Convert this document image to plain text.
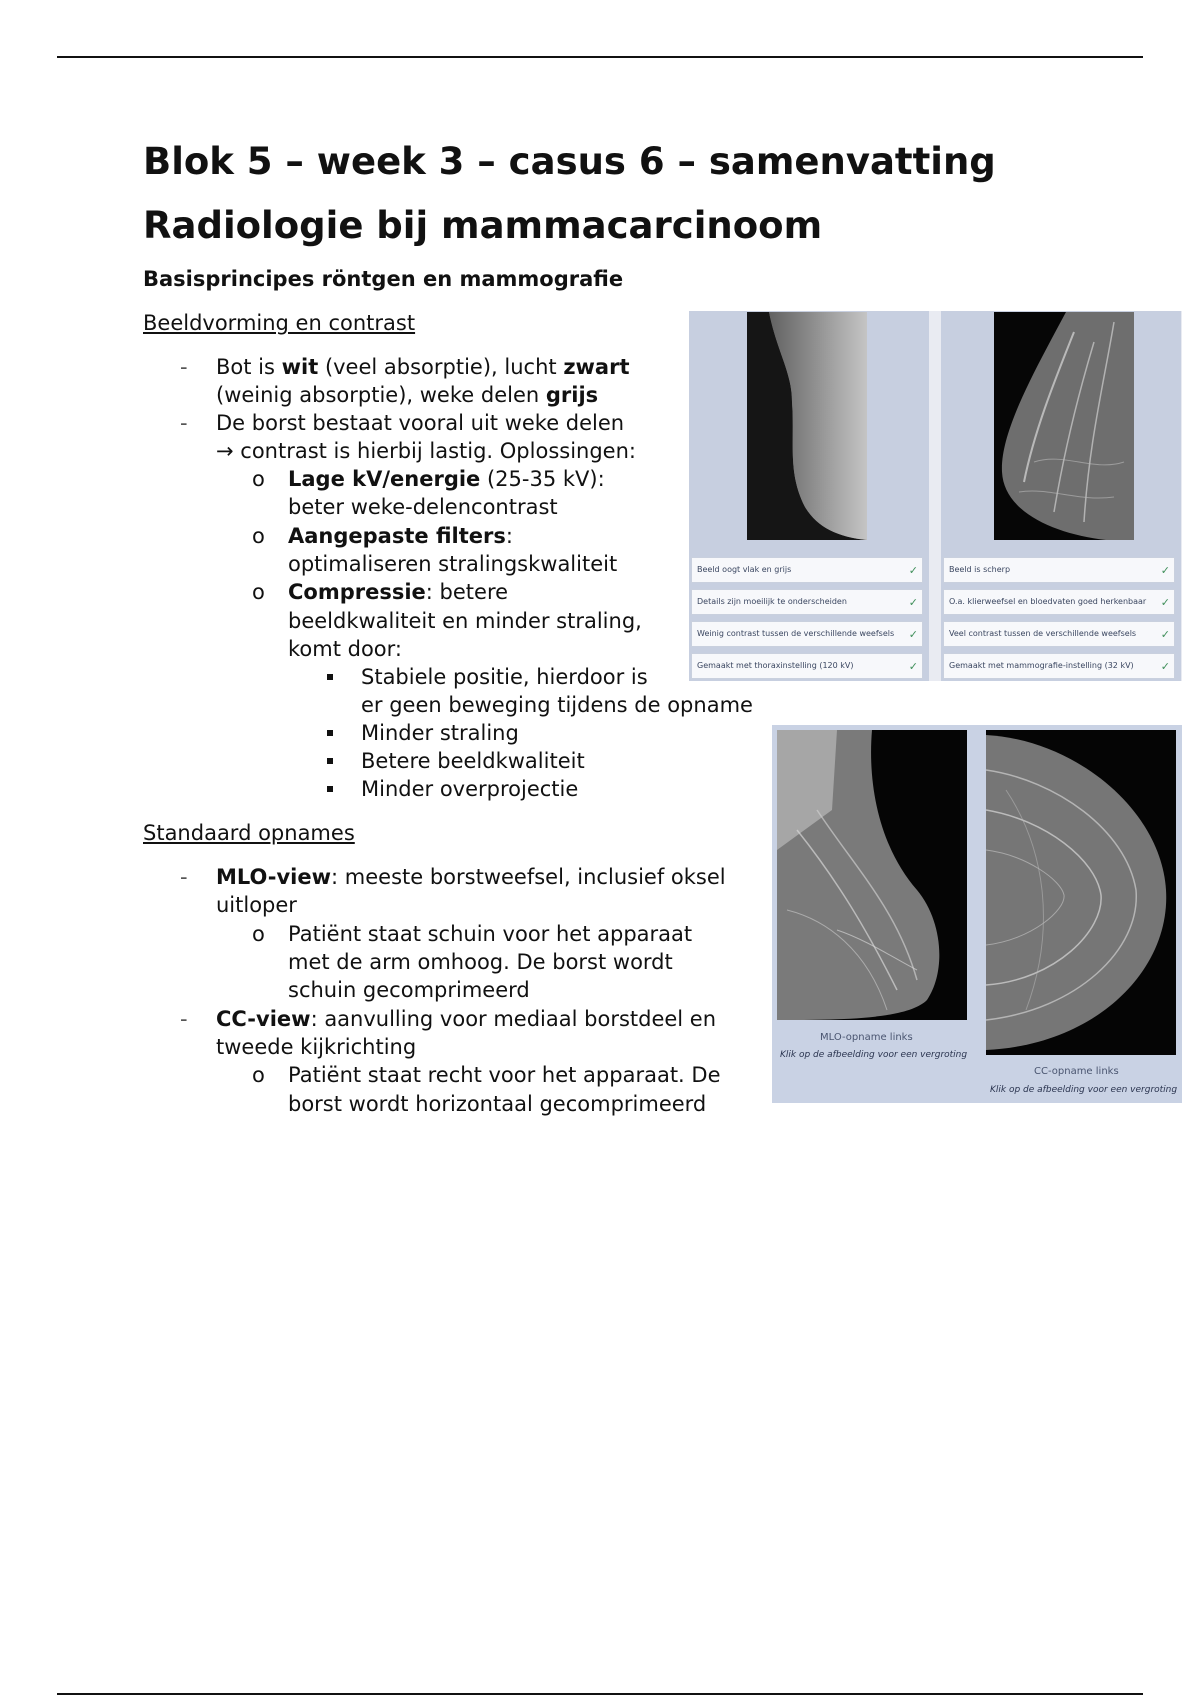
Blok 5 – week 3 – casus 6 – samenvatting
Radiologie bij mammacarcinoom
Basisprincipes röntgen en mammografie
Beeldvorming en contrast
- Bot is wit (veel absorptie), lucht zwart
(weinig absorptie), weke delen grijs
- De borst bestaat vooral uit weke delen
→ contrast is hierbij lastig. Oplossingen:
o Lage kV/energie (25-35 kV):
beter weke-delencontrast
o Aangepaste filters:
optimaliseren stralingskwaliteit
o Compressie: betere
beeldkwaliteit en minder straling,
komt door:
Stabiele positie, hierdoor is
er geen beweging tijdens de opname
Minder straling
Betere beeldkwaliteit
Minder overprojectie
Standaard opnames
- MLO-view: meeste borstweefsel, inclusief oksel
uitloper
o Patiënt staat schuin voor het apparaat
met de arm omhoog. De borst wordt
schuin gecomprimeerd
- CC-view: aanvulling voor mediaal borstdeel en
tweede kijkrichting
o Patiënt staat recht voor het apparaat. De
borst wordt horizontaal gecomprimeerd
Beeld oogt vlak en grijs	✓
Details zijn moeilijk te onderscheiden	✓
Weinig contrast tussen de verschillende weefsels ✓
Gemaakt met thoraxinstelling (120 kV)	✓
Beeld is scherp	✓
O.a. klierweefsel en bloedvaten goed herkenbaar ✓
Veel contrast tussen de verschillende weefsels ✓
Gemaakt met mammografie-instelling (32 kV) ✓
MLO-opname links
Klik op de afbeelding voor een vergroting
CC-opname links
Klik op de afbeelding voor een vergroting
